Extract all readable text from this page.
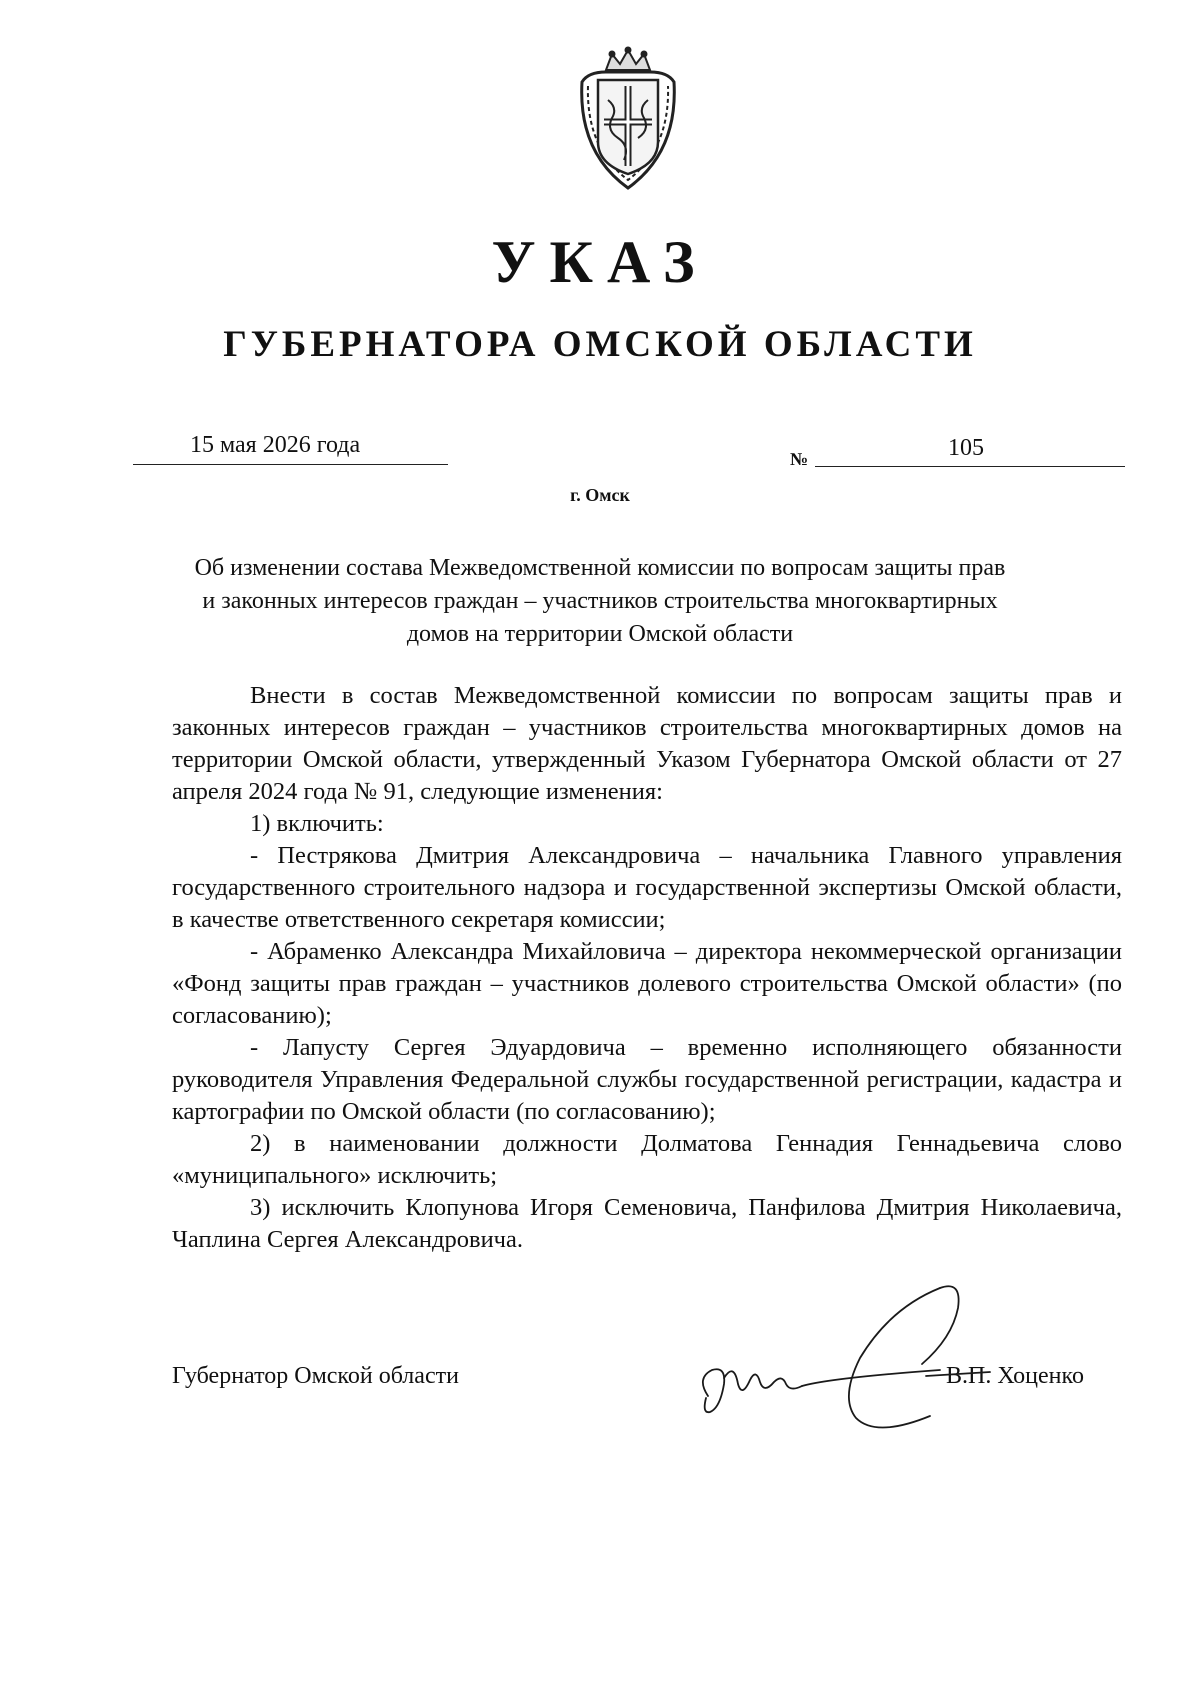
УКАЗ
ГУБЕРНАТОРА ОМСКОЙ ОБЛАСТИ
15 мая 2026 года
№	105
г. Омск
Об изменении состава Межведомственной комиссии по вопросам защиты прав и законных интересов граждан – участников строительства многоквартирных домов на территории Омской области

Внести в состав Межведомственной комиссии по вопросам защиты прав и законных интересов граждан – участников строительства многоквартирных домов на территории Омской области, утвержденный Указом Губернатора Омской области от 27 апреля 2024 года № 91, следующие изменения:

1) включить:

- Пестрякова Дмитрия Александровича – начальника Главного управления государственного строительного надзора и государственной экспертизы Омской области, в качестве ответственного секретаря комиссии;

- Абраменко Александра Михайловича – директора некоммерческой организации «Фонд защиты прав граждан – участников долевого строительства Омской области» (по согласованию);

- Лапусту Сергея Эдуардовича – временно исполняющего обязанности руководителя Управления Федеральной службы государственной регистрации, кадастра и картографии по Омской области (по согласованию);

2) в наименовании должности Долматова Геннадия Геннадьевича слово «муниципального» исключить;

3) исключить Клопунова Игоря Семеновича, Панфилова Дмитрия Николаевича, Чаплина Сергея Александровича.

Губернатор Омской области	В.П. Хоценко
